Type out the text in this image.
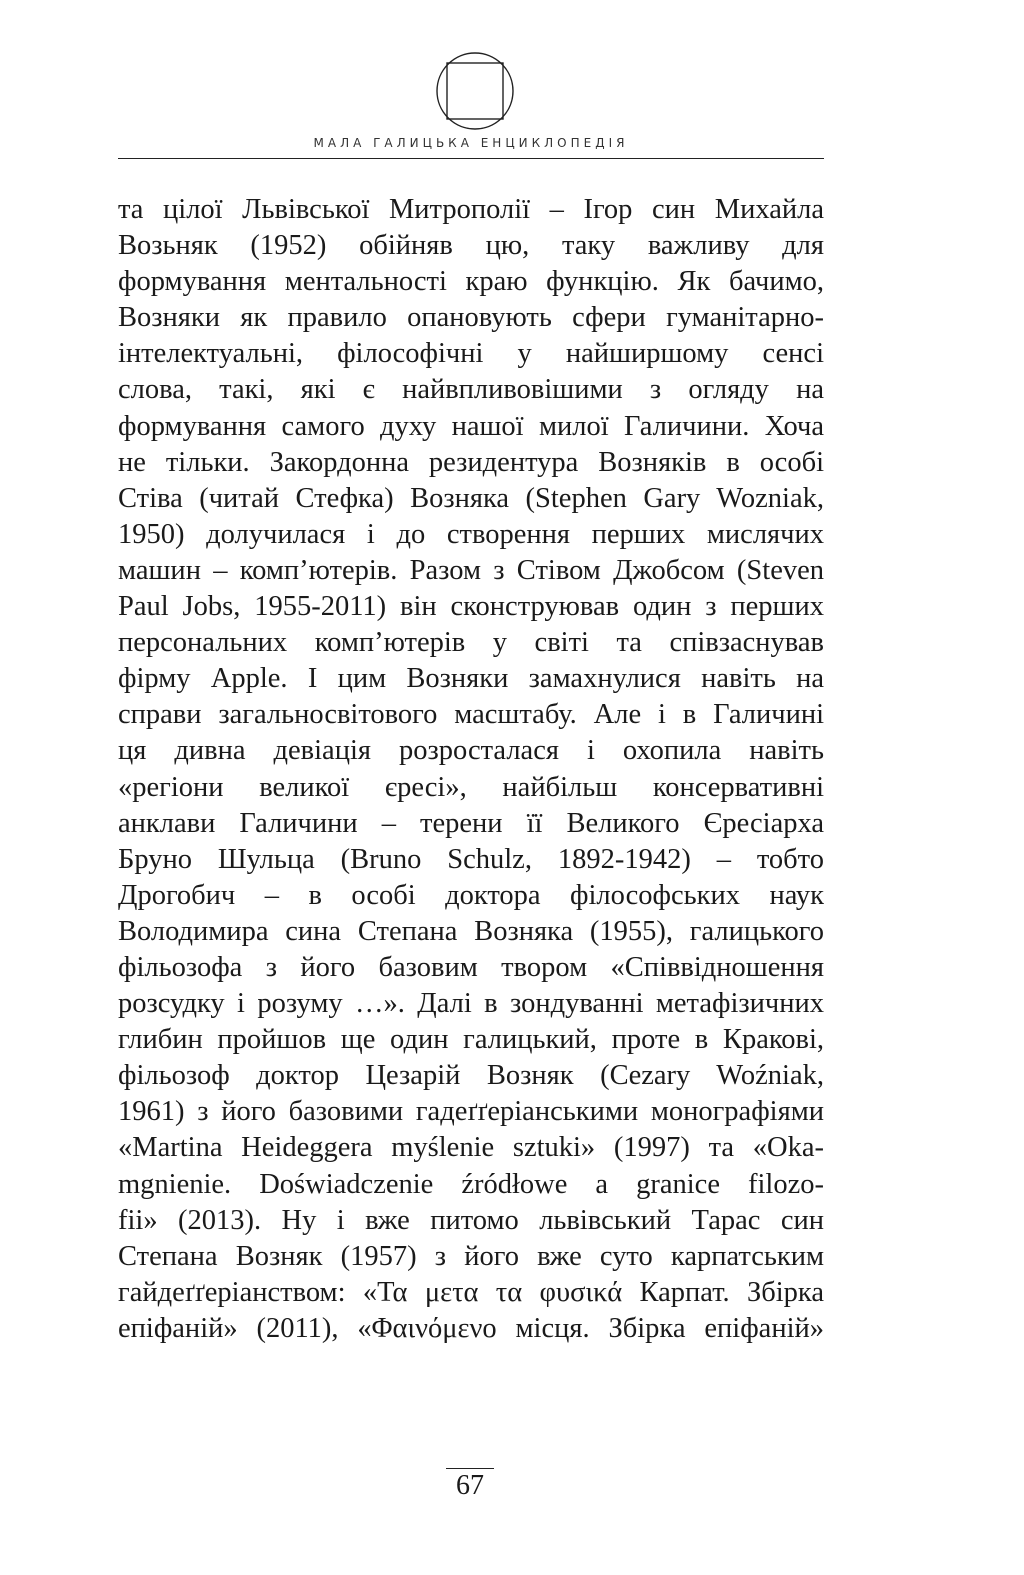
МАЛА ГАЛИЦЬКА ЕНЦИКЛОПЕДІЯ
та цілої Львівської Митрополії – Ігор син Михайла
Возьняк (1952) обійняв цю, таку важливу для
формування ментальності краю функцію. Як бачимо,
Возняки як правило опановують сфери гуманітарно-
інтелектуальні, філософічні у найширшому сенсі
слова, такі, які є найвпливовішими з огляду на
формування самого духу нашої милої Галичини. Хоча
не тільки. Закордонна резидентура Возняків в особі
Стіва (читай Стефка) Возняка (Stephen Gary Wozniak,
1950) долучилася і до створення перших мислячих
машин – комп’ютерів. Разом з Стівом Джобсом (Steven
Paul Jobs, 1955-2011) він сконструював один з перших
персональних комп’ютерів у світі та співзаснував
фірму Apple. І цим Возняки замахнулися навіть на
справи загальносвітового масштабу. Але і в Галичині
ця дивна девіація розросталася і охопила навіть
«регіони великої єресі», найбільш консервативні
анклави Галичини – терени її Великого Єресіарха
Бруно Шульца (Bruno Schulz, 1892-1942) – тобто
Дрогобич – в особі доктора філософських наук
Володимира сина Степана Возняка (1955), галицького
фільозофа з його базовим твором «Співвідношення
розсудку і розуму …». Далі в зондуванні метафізичних
глибин пройшов ще один галицький, проте в Кракові,
фільозоф доктор Цезарій Возняк (Cezary Woźniak,
1961) з його базовими гадеґґеріанськими монографіями
«Martina Heideggera myślenie sztuki» (1997) та «Oka-
mgnienie. Doświadczenie źródłowe a granice filozo-
fii» (2013). Ну і вже питомо львівський Тарас син
Степана Возняк (1957) з його вже суто карпатським
гайдеґґеріанством: «Τα μετα τα φυσικά Карпат. Збірка
епіфаній» (2011), «Φαινόμενο місця. Збірка епіфаній»
67
